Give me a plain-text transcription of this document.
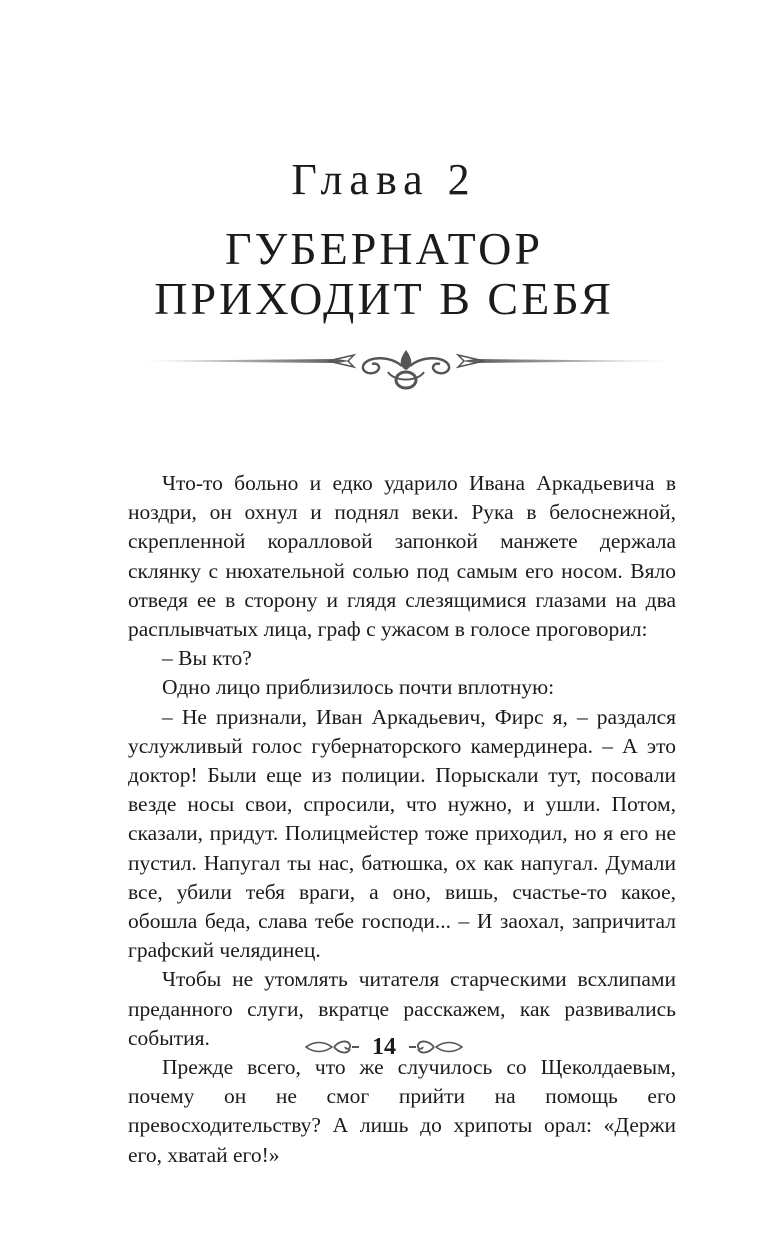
Глава 2
ГУБЕРНАТОР
ПРИХОДИТ В СЕБЯ

Что-то больно и едко ударило Ивана Аркадьевича в ноздри, он охнул и поднял веки. Рука в белоснежной, скрепленной коралловой запонкой манжете держала склянку с нюхательной солью под самым его носом. Вяло отведя ее в сторону и глядя слезящимися глазами на два расплывчатых лица, граф с ужасом в голосе проговорил:

– Вы кто?

Одно лицо приблизилось почти вплотную:

– Не признали, Иван Аркадьевич, Фирс я, – раздался услужливый голос губернаторского камердинера. – А это доктор! Были еще из полиции. Порыскали тут, посовали везде носы свои, спросили, что нужно, и ушли. Потом, сказали, придут. Полицмейстер тоже приходил, но я его не пустил. Напугал ты нас, батюшка, ох как напугал. Думали все, убили тебя враги, а оно, вишь, счастье-то какое, обошла беда, слава тебе господи... – И заохал, запричитал графский челядинец.

Чтобы не утомлять читателя старческими всхлипами преданного слуги, вкратце расскажем, как развивались события.

Прежде всего, что же случилось со Щеколдаевым, почему он не смог прийти на помощь его превосходительству? А лишь до хрипоты орал: «Держи его, хватай его!»

14
